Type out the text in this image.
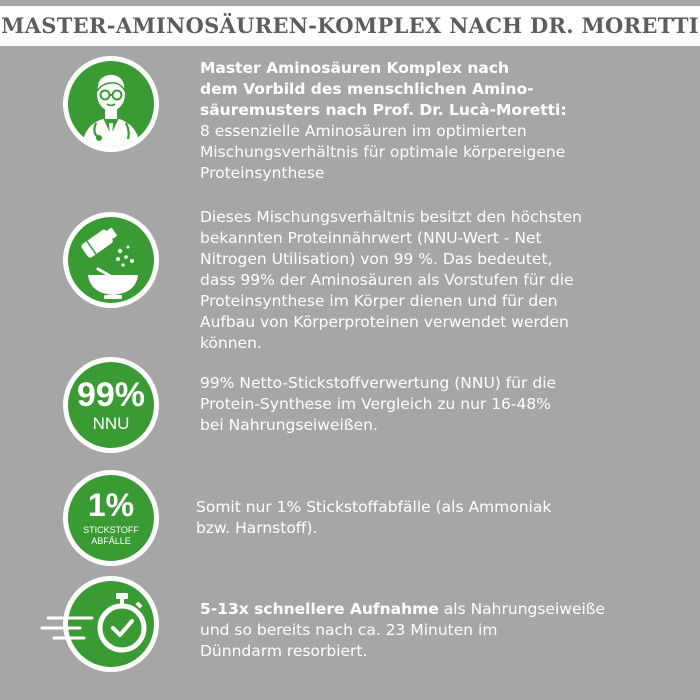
MASTER-AMINOSÄUREN-KOMPLEX NACH DR. MORETTI
Master Aminosäuren Komplex nach
dem Vorbild des menschlichen Amino-
säuremusters nach Prof. Dr. Lucà-Moretti:
8 essenzielle Aminosäuren im optimierten
Mischungsverhältnis für optimale körpereigene
Proteinsynthese
Dieses Mischungsverhältnis besitzt den höchsten
bekannten Proteinnährwert (NNU-Wert - Net
Nitrogen Utilisation) von 99 %. Das bedeutet,
dass 99% der Aminosäuren als Vorstufen für die
Proteinsynthese im Körper dienen und für den
Aufbau von Körperproteinen verwendet werden
können.
99%
NNU
99% Netto-Stickstoffverwertung (NNU) für die
Protein-Synthese im Vergleich zu nur 16-48%
bei Nahrungseiweißen.
1%
STICKSTOFF
ABFÄLLE
Somit nur 1% Stickstoffabfälle (als Ammoniak
bzw. Harnstoff).
5-13x schnellere Aufnahme als Nahrungseiweiße
und so bereits nach ca. 23 Minuten im
Dünndarm resorbiert.
